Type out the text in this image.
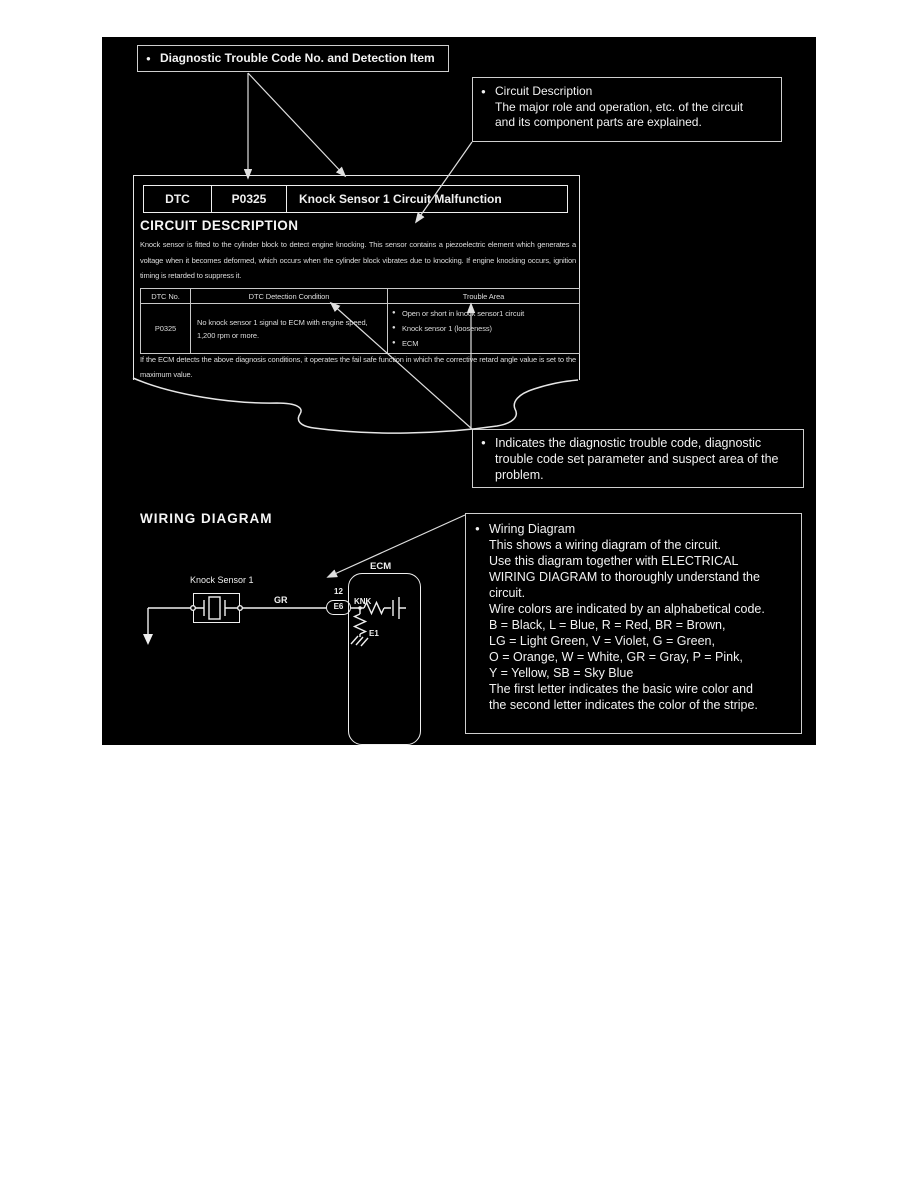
● Diagnostic Trouble Code No. and Detection Item
● Circuit Description
The major role and operation, etc. of the circuit
and its component parts are explained.
DTC	P0325	Knock Sensor 1 Circuit Malfunction
CIRCUIT DESCRIPTION
Knock sensor is fitted to the cylinder block to detect engine knocking. This sensor contains a piezoelectric element which generates a voltage when it becomes deformed, which occurs when the cylinder block vibrates due to knocking. If engine knocking occurs, ignition timing is retarded to suppress it.
DTC No.	DTC Detection Condition	Trouble Area
P0325	No knock sensor 1 signal to ECM with engine speed, 1,200 rpm or more.	
● Open or short in knock sensor1 circuit
● Knock sensor 1 (looseness)
● ECM
If the ECM detects the above diagnosis conditions, it operates the fail safe function in which the corrective retard angle value is set to the maximum value.
● Indicates the diagnostic trouble code, diagnostic trouble code set parameter and suspect area of the problem.
WIRING DIAGRAM
Knock Sensor 1
GR
12
E6
KNK
ECM
E1
● Wiring Diagram
This shows a wiring diagram of the circuit.
Use this diagram together with ELECTRICAL
WIRING DIAGRAM to thoroughly understand the
circuit.
Wire colors are indicated by an alphabetical code.
B = Black, L = Blue, R = Red, BR = Brown,
LG = Light Green, V = Violet, G = Green,
O = Orange, W = White, GR = Gray, P = Pink,
Y = Yellow, SB = Sky Blue
The first letter indicates the basic wire color and
the second letter indicates the color of the stripe.
